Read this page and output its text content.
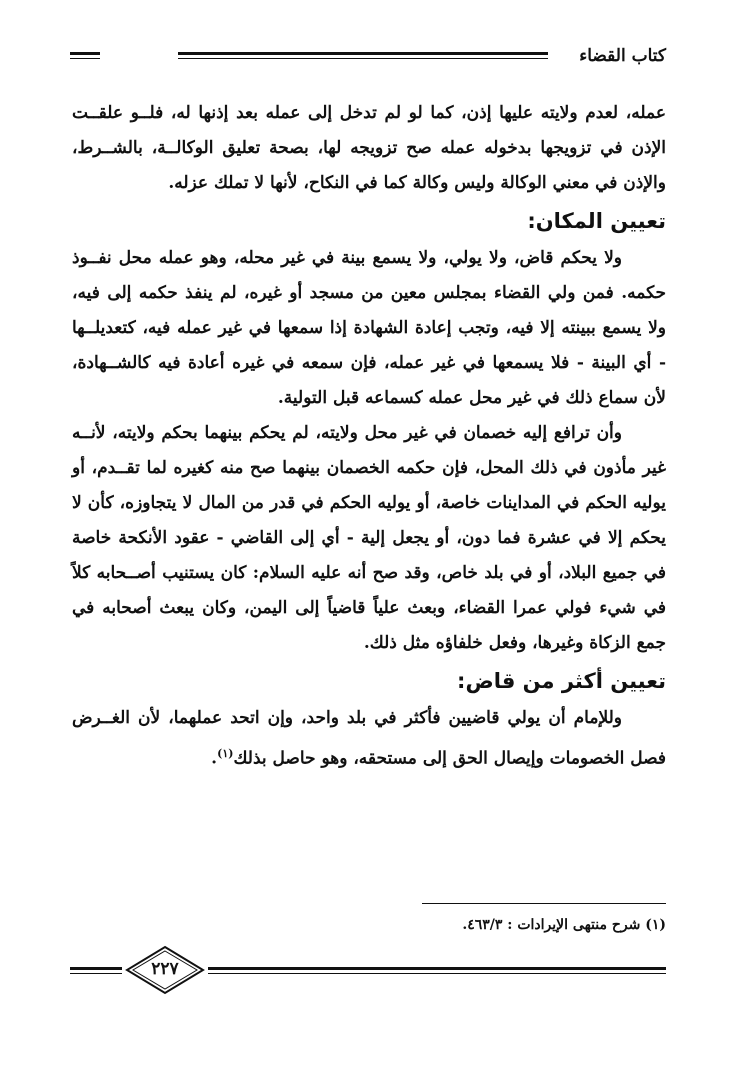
كتاب القضاء

عمله، لعدم ولايته عليها إذن، كما لو لم تدخل إلى عمله بعد إذنها له، فلــو علقــت الإذن في تزويجها بدخوله عمله صح تزويجه لها، بصحة تعليق الوكالــة، بالشــرط، والإذن في معني الوكالة وليس وكالة كما في النكاح، لأنها لا تملك عزله.

تعيين المكان:

ولا يحكم قاض، ولا يولي، ولا يسمع بينة في غير محله، وهو عمله محل نفــوذ حكمه. فمن ولي القضاء بمجلس معين من مسجد أو غيره، لم ينفذ حكمه إلى فيه، ولا يسمع ببينته إلا فيه، وتجب إعادة الشهادة إذا سمعها في غير عمله فيه، كتعديلــها - أي البينة - فلا يسمعها في غير عمله، فإن سمعه في غيره أعادة فيه كالشــهادة، لأن سماع ذلك في غير محل عمله كسماعه قبل التولية.

وأن ترافع إليه خصمان في غير محل ولايته، لم يحكم بينهما بحكم ولايته، لأنــه غير مأذون في ذلك المحل، فإن حكمه الخصمان بينهما صح منه كغيره لما تقــدم، أو يوليه الحكم في المداينات خاصة، أو يوليه الحكم في قدر من المال لا يتجاوزه، كأن لا يحكم إلا في عشرة فما دون، أو يجعل إلية - أي إلى القاضي - عقود الأنكحة خاصة في جميع البلاد، أو في بلد خاص، وقد صح أنه عليه السلام: كان يستنيب أصــحابه كلاً في شيء فولي عمرا القضاء، وبعث علياً قاضياً إلى اليمن، وكان يبعث أصحابه في جمع الزكاة وغيرها، وفعل خلفاؤه مثل ذلك.

تعيين أكثر من قاض:

وللإمام أن يولي قاضيين فأكثر في بلد واحد، وإن اتحد عملهما، لأن الغــرض فصل الخصومات وإيصال الحق إلى مستحقه، وهو حاصل بذلك$^{(١)}$.

(١) شرح منتهى الإيرادات : ٤٦٣/٣.
٢٢٧
